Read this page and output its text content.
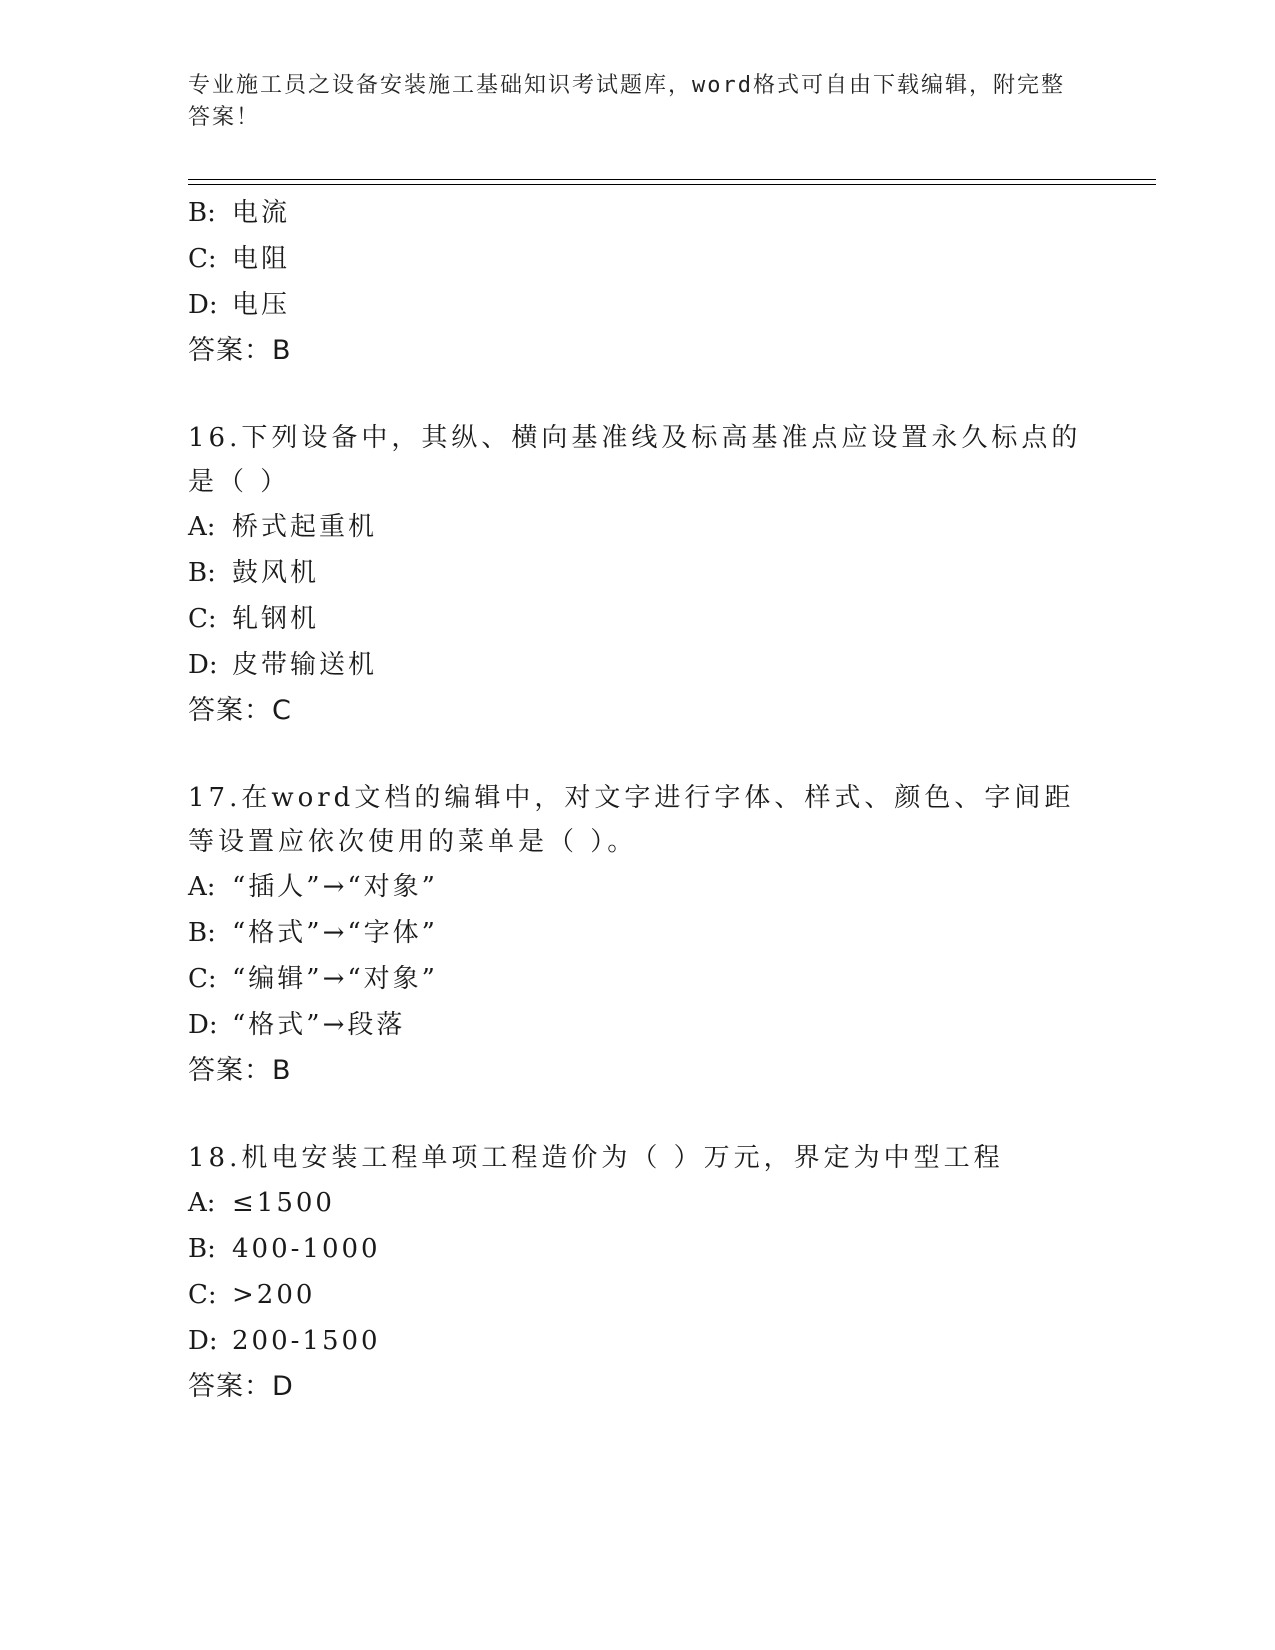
专业施工员之设备安装施工基础知识考试题库，word格式可自由下载编辑，附完整答案！
B: 电流
C: 电阻
D: 电压
答案：B
16.下列设备中，其纵、横向基准线及标高基准点应设置永久标点的是（ ）
A: 桥式起重机
B: 鼓风机
C: 轧钢机
D: 皮带输送机
答案：C
17.在word文档的编辑中，对文字进行字体、样式、颜色、字间距等设置应依次使用的菜单是（ ）。
A: “插人”→“对象”
B: “格式”→“字体”
C: “编辑”→“对象”
D: “格式”→段落
答案：B
18.机电安装工程单项工程造价为（ ）万元，界定为中型工程
A: ≤1500
B: 400-1000
C: >200
D: 200-1500
答案：D
